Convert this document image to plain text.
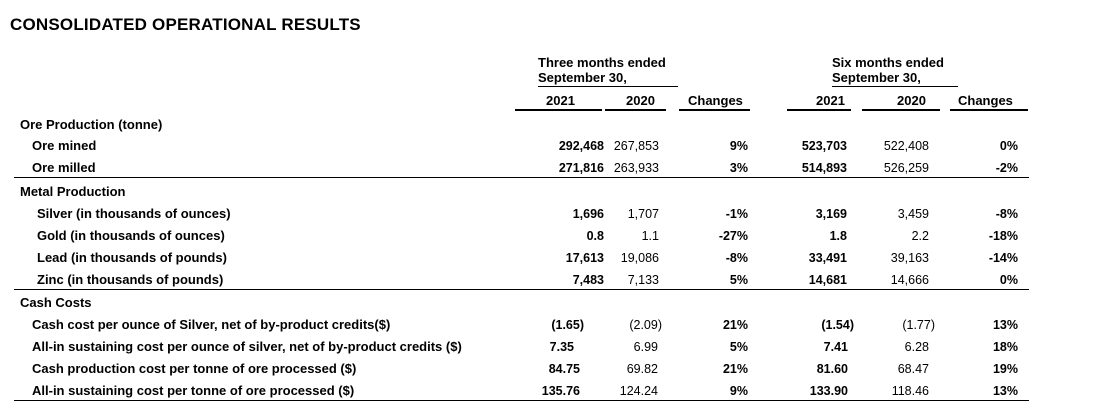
CONSOLIDATED OPERATIONAL RESULTS
Three months ended
September 30,
Six months ended
September 30,
2021	2020	Changes	2021	2020 Changes
Ore Production (tonne)
Ore mined	292,468 267,853	9%	523,703	522,408	0%
Ore milled	271,816 263,933	3%	514,893	526,259	-2%
Metal Production
Silver (in thousands of ounces)	1,696 1,707	-1%	3,169	3,459	-8%
Gold (in thousands of ounces)	0.8	1.1	-27%	1.8	2.2	-18%
Lead (in thousands of pounds)	17,613 19,086	-8%	33,491	39,163	-14%
Zinc (in thousands of pounds)	7,483 7,133	5%	14,681	14,666	0%
Cash Costs
Cash cost per ounce of Silver, net of by-product credits($)	(1.65)	(2.09)	21%	(1.54)	(1.77)	13%
All-in sustaining cost per ounce of silver, net of by-product credits ($)	7.35	6.99	5%	7.41	6.28	18%
Cash production cost per tonne of ore processed ($)	84.75	69.82	21%	81.60	68.47	19%
All-in sustaining cost per tonne of ore processed ($)	135.76	124.24	9%	133.90	118.46	13%
